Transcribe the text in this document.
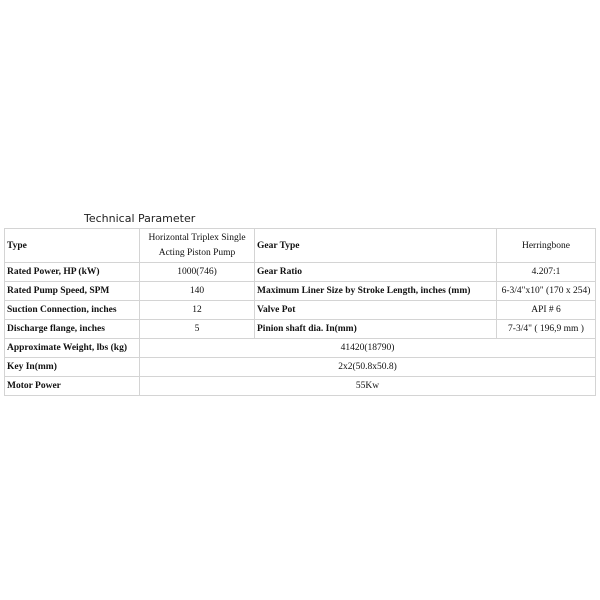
Technical Parameter
Type	Horizontal Triplex Single Acting Piston Pump	Gear Type	Herringbone
Rated Power, HP (kW)	1000(746)	Gear Ratio	4.207:1
Rated Pump Speed, SPM	140	Maximum Liner Size by Stroke Length, inches (mm)	6-3/4"x10" (170 x 254)
Suction Connection, inches	12	Valve Pot	API # 6
Discharge flange, inches	5	Pinion shaft dia. In(mm)	7-3/4" ( 196,9 mm )
Approximate Weight, lbs (kg)	41420(18790)		
Key In(mm)	2x2(50.8x50.8)		
Motor Power	55Kw		
